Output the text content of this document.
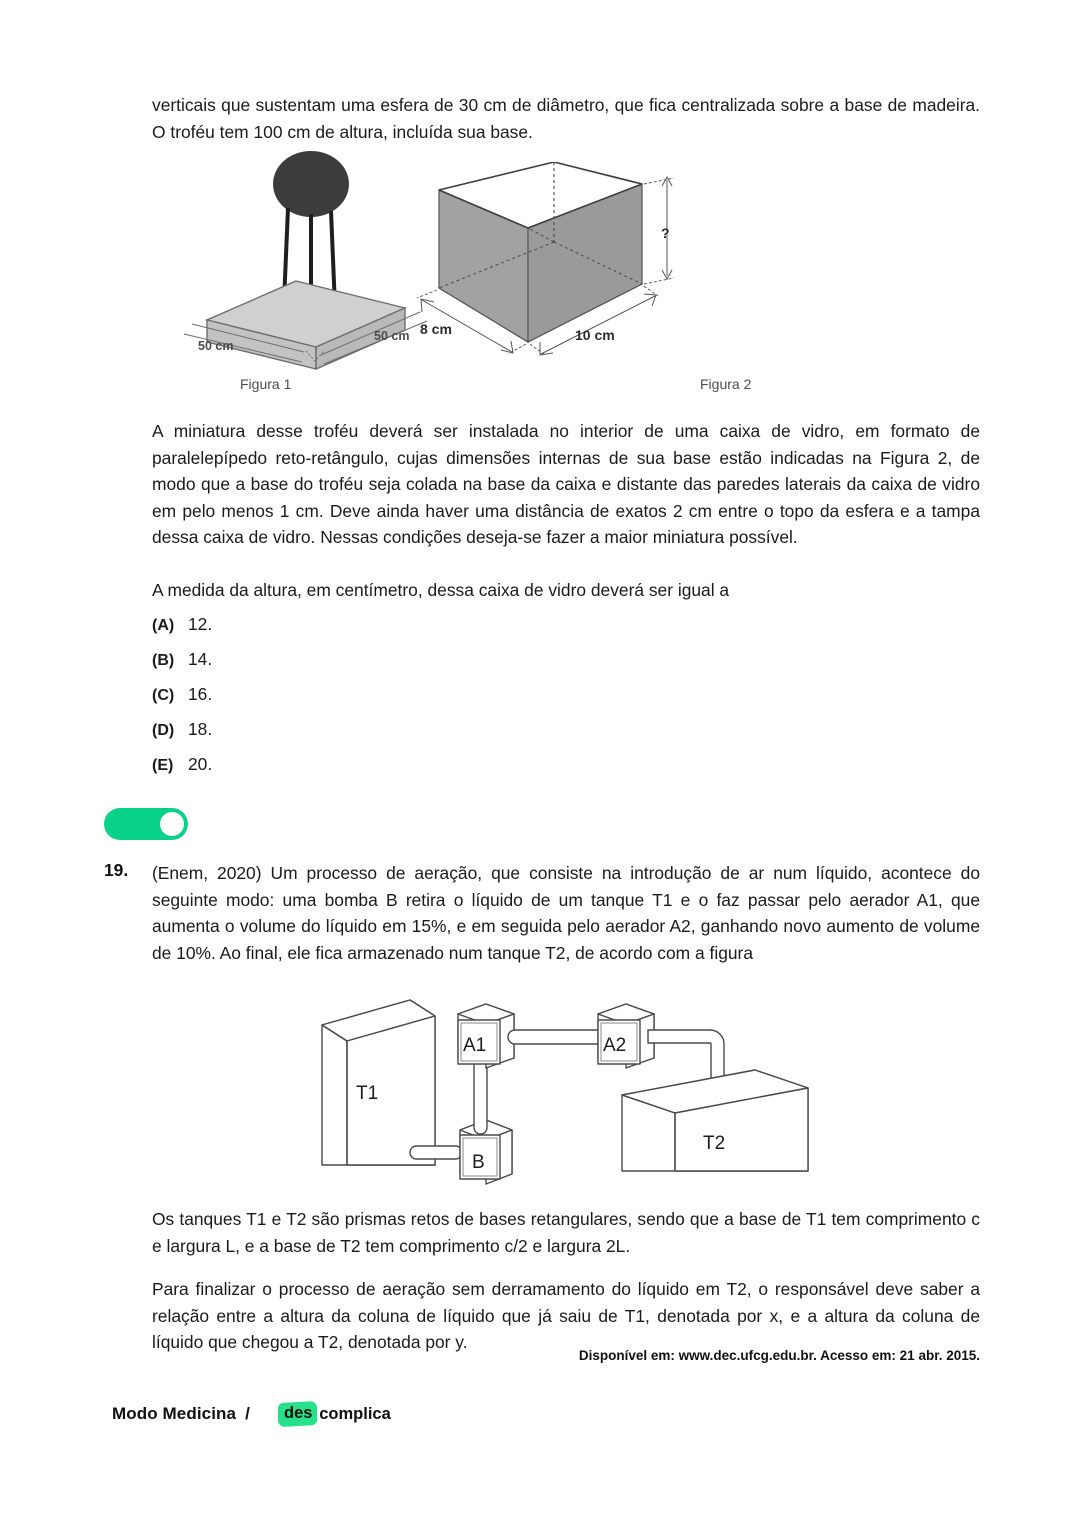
verticais que sustentam uma esfera de 30 cm de diâmetro, que fica centralizada sobre a base de madeira. O troféu tem 100 cm de altura, incluída sua base.
50 cm
50 cm
Figura 1
?
8 cm	10 cm
Figura 2
A miniatura desse troféu deverá ser instalada no interior de uma caixa de vidro, em formato de paralelepípedo reto-retângulo, cujas dimensões internas de sua base estão indicadas na Figura 2, de modo que a base do troféu seja colada na base da caixa e distante das paredes laterais da caixa de vidro em pelo menos 1 cm. Deve ainda haver uma distância de exatos 2 cm entre o topo da esfera e a tampa dessa caixa de vidro. Nessas condições deseja-se fazer a maior miniatura possível.
A medida da altura, em centímetro, dessa caixa de vidro deverá ser igual a
(A) 12.
(B) 14.
(C) 16.
(D) 18.
(E) 20.
19. (Enem, 2020) Um processo de aeração, que consiste na introdução de ar num líquido, acontece do seguinte modo: uma bomba B retira o líquido de um tanque T1 e o faz passar pelo aerador A1, que aumenta o volume do líquido em 15%, e em seguida pelo aerador A2, ganhando novo aumento de volume de 10%. Ao final, ele fica armazenado num tanque T2, de acordo com a figura
T1
A1	A2
B
T2
Os tanques T1 e T2 são prismas retos de bases retangulares, sendo que a base de T1 tem comprimento c e largura L, e a base de T2 tem comprimento c/2 e largura 2L.
Para finalizar o processo de aeração sem derramamento do líquido em T2, o responsável deve saber a relação entre a altura da coluna de líquido que já saiu de T1, denotada por x, e a altura da coluna de líquido que chegou a T2, denotada por y.
Disponível em: www.dec.ufcg.edu.br. Acesso em: 21 abr. 2015.
Modo Medicina / des complica
